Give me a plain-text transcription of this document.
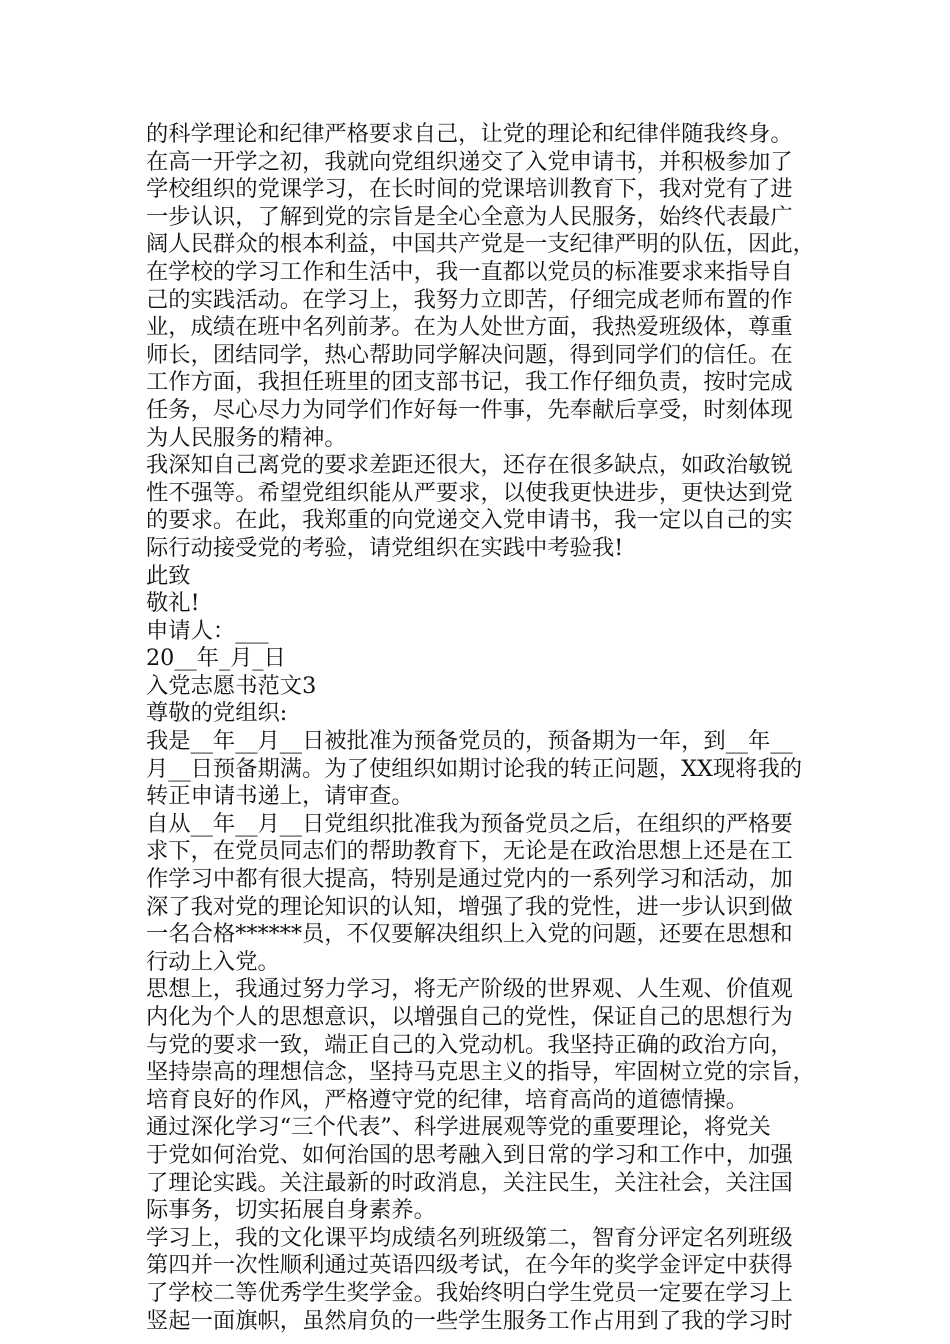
的科学理论和纪律严格要求自己，让党的理论和纪律伴随我终身。
在高一开学之初，我就向党组织递交了入党申请书，并积极参加了
学校组织的党课学习，在长时间的党课培训教育下，我对党有了进
一步认识，了解到党的宗旨是全心全意为人民服务，始终代表最广
阔人民群众的根本利益，中国共产党是一支纪律严明的队伍，因此，
在学校的学习工作和生活中，我一直都以党员的标准要求来指导自
己的实践活动。在学习上，我努力立即苦，仔细完成老师布置的作
业，成绩在班中名列前茅。在为人处世方面，我热爱班级体，尊重
师长，团结同学，热心帮助同学解决问题，得到同学们的信任。在
工作方面，我担任班里的团支部书记，我工作仔细负责，按时完成
任务，尽心尽力为同学们作好每一件事，先奉献后享受，时刻体现
为人民服务的精神。
我深知自己离党的要求差距还很大，还存在很多缺点，如政治敏锐
性不强等。希望党组织能从严要求，以使我更快进步，更快达到党
的要求。在此，我郑重的向党递交入党申请书，我一定以自己的实
际行动接受党的考验，请党组织在实践中考验我!
此致
敬礼!
申请人：___
20__年_月_日
入党志愿书范文3
尊敬的党组织:
我是__年__月__日被批准为预备党员的，预备期为一年，到__年__
月__日预备期满。为了使组织如期讨论我的转正问题，XX现将我的
转正申请书递上，请审查。
自从__年__月__日党组织批准我为预备党员之后，在组织的严格要
求下，在党员同志们的帮助教育下，无论是在政治思想上还是在工
作学习中都有很大提高，特别是通过党内的一系列学习和活动，加
深了我对党的理论知识的认知，增强了我的党性，进一步认识到做
一名合格******员，不仅要解决组织上入党的问题，还要在思想和
行动上入党。
思想上，我通过努力学习，将无产阶级的世界观、人生观、价值观
内化为个人的思想意识，以增强自己的党性，保证自己的思想行为
与党的要求一致，端正自己的入党动机。我坚持正确的政治方向，
坚持崇高的理想信念，坚持马克思主义的指导，牢固树立党的宗旨，
培育良好的作风，严格遵守党的纪律，培育高尚的道德情操。
通过深化学习“三个代表”、科学进展观等党的重要理论，将党关
于党如何治党、如何治国的思考融入到日常的学习和工作中，加强
了理论实践。关注最新的时政消息，关注民生，关注社会，关注国
际事务，切实拓展自身素养。
学习上，我的文化课平均成绩名列班级第二，智育分评定名列班级
第四并一次性顺利通过英语四级考试，在今年的奖学金评定中获得
了学校二等优秀学生奖学金。我始终明白学生党员一定要在学习上
竖起一面旗帜，虽然肩负的一些学生服务工作占用到了我的学习时
